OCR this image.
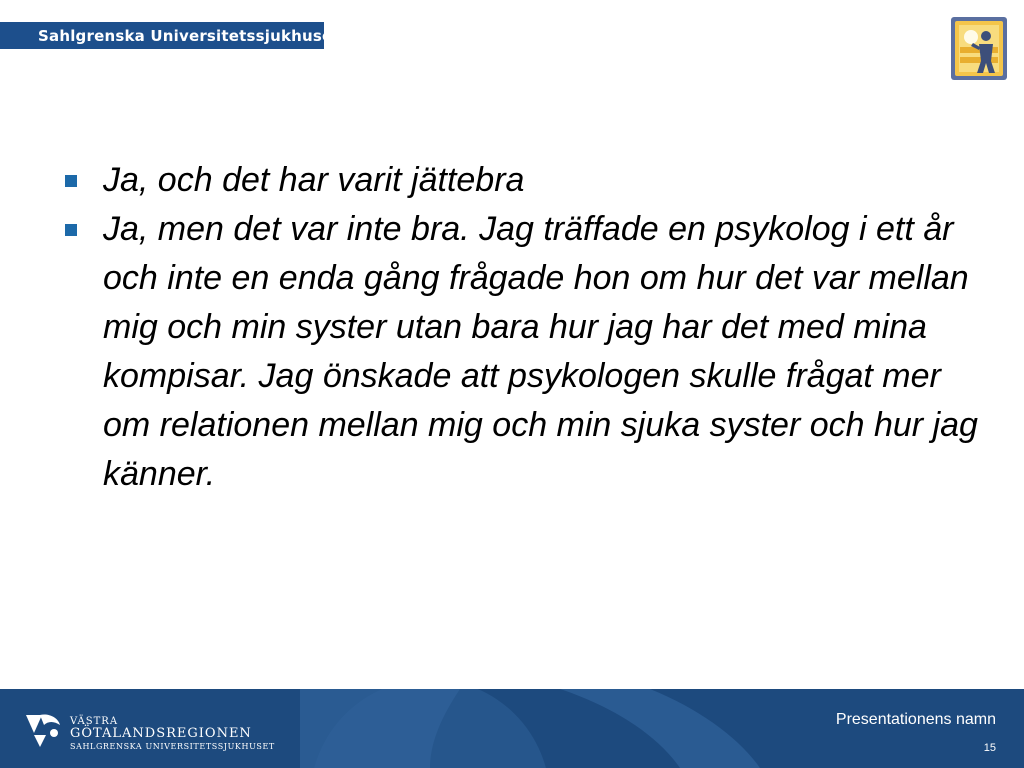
Sahlgrenska Universitetssjukhuset
Ja, och det har varit jättebra
Ja, men det var inte bra. Jag träffade en psykolog i ett år och inte en enda gång frågade hon om hur det var mellan mig och min syster utan bara hur jag har det med mina kompisar. Jag önskade att psykologen skulle frågat mer om relationen mellan mig och min sjuka syster och hur jag känner.
VÄSTRA
GÖTALANDSREGIONEN
SAHLGRENSKA UNIVERSITETSSJUKHUSET
Presentationens namn
15
